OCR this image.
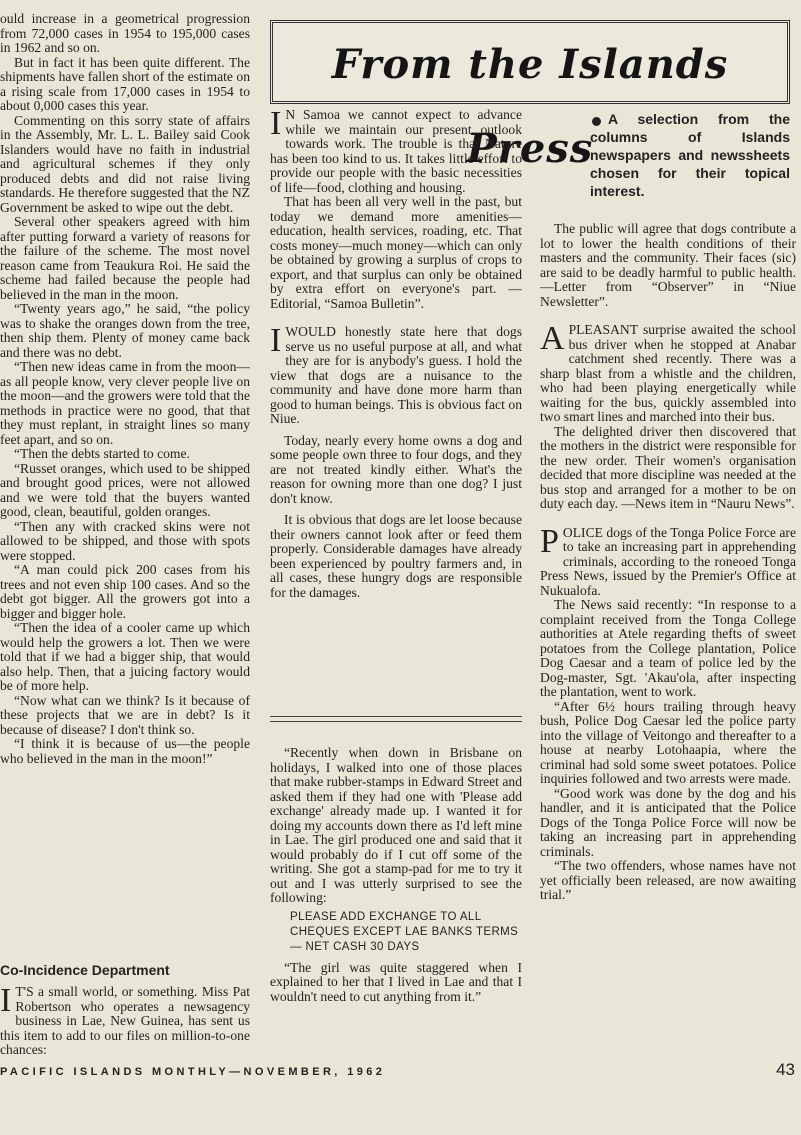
ould increase in a geometrical progression from 72,000 cases in 1954 to 195,000 cases in 1962 and so on.

But in fact it has been quite different. The shipments have fallen short of the estimate on a rising scale from 17,000 cases in 1954 to about 0,000 cases this year.

Commenting on this sorry state of affairs in the Assembly, Mr. L. L. Bailey said Cook Islanders would have no faith in industrial and agricultural schemes if they only produced debts and did not raise living standards. He therefore suggested that the NZ Government be asked to wipe out the debt.

Several other speakers agreed with him after putting forward a variety of reasons for the failure of the scheme. The most novel reason came from Teaukura Roi. He said the scheme had failed because the people had believed in the man in the moon.

“Twenty years ago,” he said, “the policy was to shake the oranges down from the tree, then ship them. Plenty of money came back and there was no debt.

“Then new ideas came in from the moon—as all people know, very clever people live on the moon—and the growers were told that the methods in practice were no good, that that they must replant, in straight lines so many feet apart, and so on.

“Then the debts started to come.

“Russet oranges, which used to be shipped and brought good prices, were not allowed and we were told that the buyers wanted good, clean, beautiful, golden oranges.

“Then any with cracked skins were not allowed to be shipped, and those with spots were stopped.

“A man could pick 200 cases from his trees and not even ship 100 cases. And so the debt got bigger. All the growers got into a bigger and bigger hole.

“Then the idea of a cooler came up which would help the growers a lot. Then we were told that if we had a bigger ship, that would also help. Then, that a juicing factory would be of more help.

“Now what can we think? Is it because of these projects that we are in debt? Is it because of disease? I don't think so.

“I think it is because of us—the people who believed in the man in the moon!”

Co-Incidence Department

I T'S a small world, or something. Miss Pat Robertson who operates a newsagency business in Lae, New Guinea, has sent us this item to add to our files on million-to-one chances:

From the Islands Press

I N Samoa we cannot expect to advance while we maintain our present outlook towards work. The trouble is that Nature has been too kind to us. It takes little effort to provide our people with the basic necessities of life—food, clothing and housing.

That has been all very well in the past, but today we demand more amenities—education, health services, roading, etc. That costs money—much money—which can only be obtained by growing a surplus of crops to export, and that surplus can only be obtained by extra effort on everyone's part. — Editorial, “Samoa Bulletin”.

IWOULD honestly state here that dogs serve us no useful purpose at all, and what they are for is anybody's guess. I hold the view that dogs are a nuisance to the community and have done more harm than good to human beings. This is obvious fact on Niue.

Today, nearly every home owns a dog and some people own three to four dogs, and they are not treated kindly either. What's the reason for owning more than one dog? I just don't know.

It is obvious that dogs are let loose because their owners cannot look after or feed them properly. Considerable damages have already been experienced by poultry farmers and, in all cases, these hungry dogs are responsible for the damages.

“Recently when down in Brisbane on holidays, I walked into one of those places that make rubber-stamps in Edward Street and asked them if they had one with 'Please add exchange' already made up. I wanted it for doing my accounts down there as I'd left mine in Lae. The girl produced one and said that it would probably do if I cut off some of the writing. She got a stamp-pad for me to try it out and I was utterly surprised to see the following:

PLEASE ADD EXCHANGE TO ALL CHEQUES EXCEPT LAE BANKS TERMS — NET CASH 30 DAYS

“The girl was quite staggered when I explained to her that I lived in Lae and that I wouldn't need to cut anything from it.”

A selection from the columns of Islands newspapers and newssheets chosen for their topical interest.

The public will agree that dogs contribute a lot to lower the health conditions of their masters and the community. Their faces (sic) are said to be deadly harmful to public health. —Letter from “Observer” in “Niue Newsletter”.

APLEASANT surprise awaited the school bus driver when he stopped at Anabar catchment shed recently. There was a sharp blast from a whistle and the children, who had been playing energetically while waiting for the bus, quickly assembled into two smart lines and marched into their bus.

The delighted driver then discovered that the mothers in the district were responsible for the new order. Their women's organisation decided that more discipline was needed at the bus stop and arranged for a mother to be on duty each day. —News item in “Nauru News”.

POLICE dogs of the Tonga Police Force are to take an increasing part in apprehending criminals, according to the roneoed Tonga Press News, issued by the Premier's Office at Nukualofa.

The News said recently: “In response to a complaint received from the Tonga College authorities at Atele regarding thefts of sweet potatoes from the College plantation, Police Dog Caesar and a team of police led by the Dog-master, Sgt. 'Akau'ola, after inspecting the plantation, went to work.

“After 6½ hours trailing through heavy bush, Police Dog Caesar led the police party into the village of Veitongo and thereafter to a house at nearby Lotohaapia, where the criminal had sold some sweet potatoes. Police inquiries followed and two arrests were made.

“Good work was done by the dog and his handler, and it is anticipated that the Police Dogs of the Tonga Police Force will now be taking an increasing part in apprehending criminals.

“The two offenders, whose names have not yet officially been released, are now awaiting trial.”

PACIFIC ISLANDS MONTHLY—NOVEMBER, 1962	43
